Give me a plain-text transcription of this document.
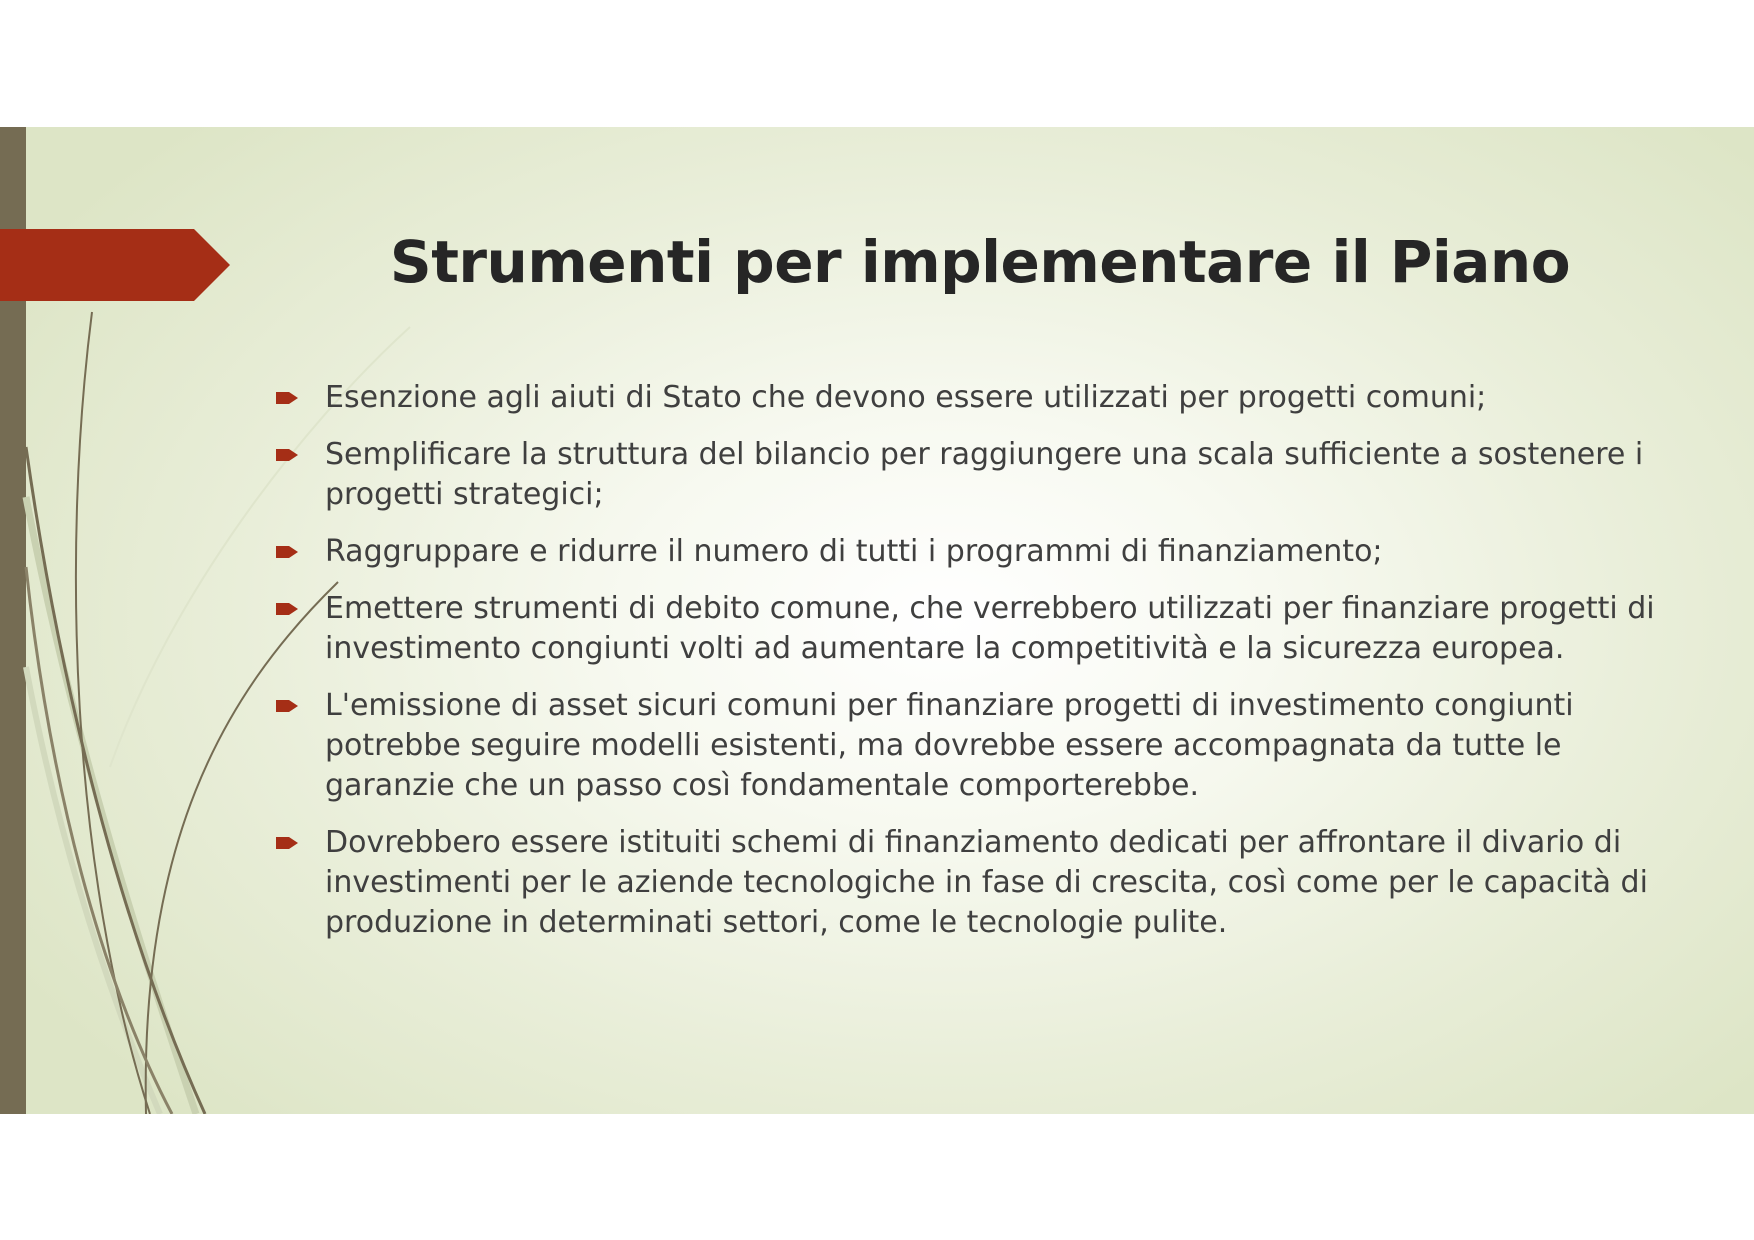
Strumenti per implementare il Piano
Esenzione agli aiuti di Stato che devono essere utilizzati per progetti comuni;
Semplificare la struttura del bilancio per raggiungere una scala sufficiente a sostenere i progetti strategici;
Raggruppare e ridurre il numero di tutti i programmi di finanziamento;
Emettere strumenti di debito comune, che verrebbero utilizzati per finanziare progetti di investimento congiunti volti ad aumentare la competitività e la sicurezza europea.
L'emissione di asset sicuri comuni per finanziare progetti di investimento congiunti potrebbe seguire modelli esistenti, ma dovrebbe essere accompagnata da tutte le garanzie che un passo così fondamentale comporterebbe.
Dovrebbero essere istituiti schemi di finanziamento dedicati per affrontare il divario di investimenti per le aziende tecnologiche in fase di crescita, così come per le capacità di produzione in determinati settori, come le tecnologie pulite.
